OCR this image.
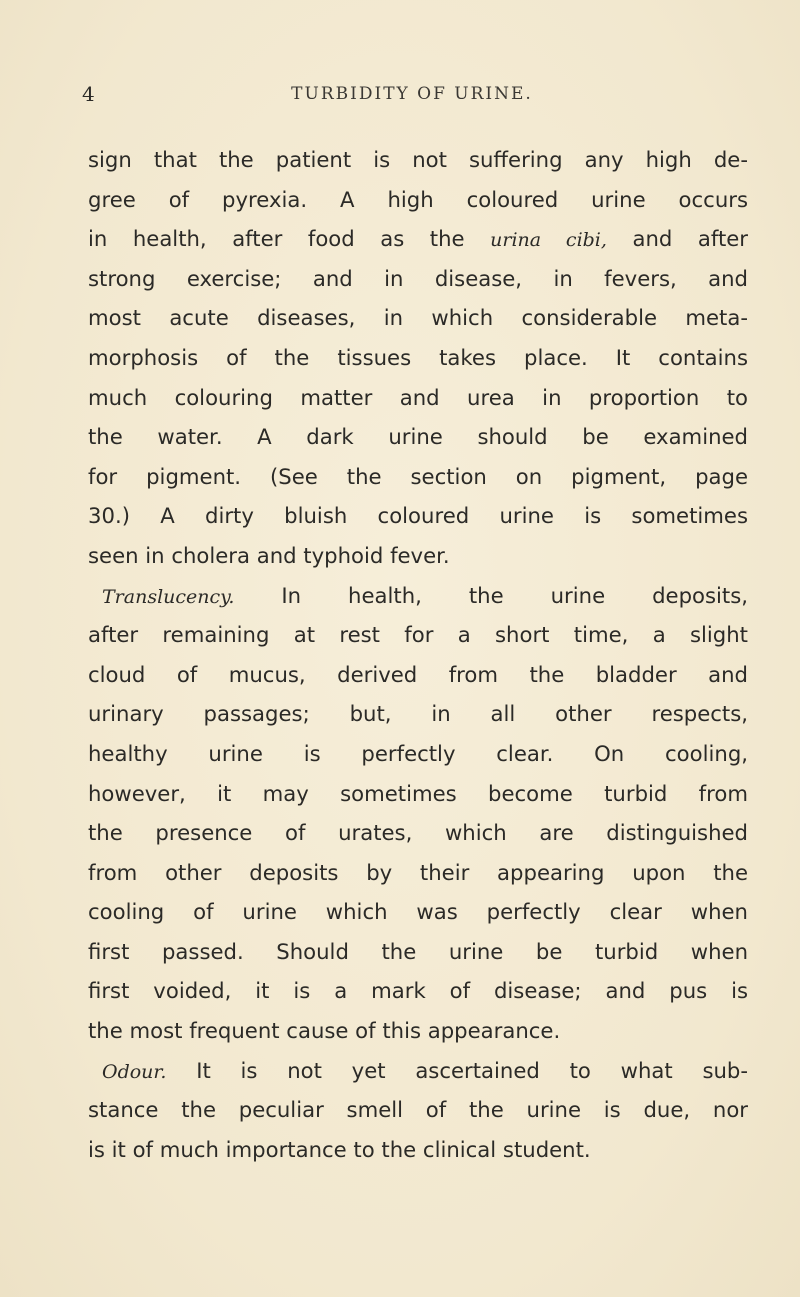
4	TURBIDITY OF URINE.
sign that the patient is not suffering any high de-
gree of pyrexia. A high coloured urine occurs
in health, after food as the urina cibi, and after
strong exercise; and in disease, in fevers, and
most acute diseases, in which considerable meta-
morphosis of the tissues takes place. It contains
much colouring matter and urea in proportion to
the water. A dark urine should be examined
for pigment. (See the section on pigment, page
30.) A dirty bluish coloured urine is sometimes
seen in cholera and typhoid fever.
Translucency. In health, the urine deposits,
after remaining at rest for a short time, a slight
cloud of mucus, derived from the bladder and
urinary passages; but, in all other respects,
healthy urine is perfectly clear. On cooling,
however, it may sometimes become turbid from
the presence of urates, which are distinguished
from other deposits by their appearing upon the
cooling of urine which was perfectly clear when
first passed. Should the urine be turbid when
first voided, it is a mark of disease; and pus is
the most frequent cause of this appearance.
Odour. It is not yet ascertained to what sub-
stance the peculiar smell of the urine is due, nor
is it of much importance to the clinical student.
